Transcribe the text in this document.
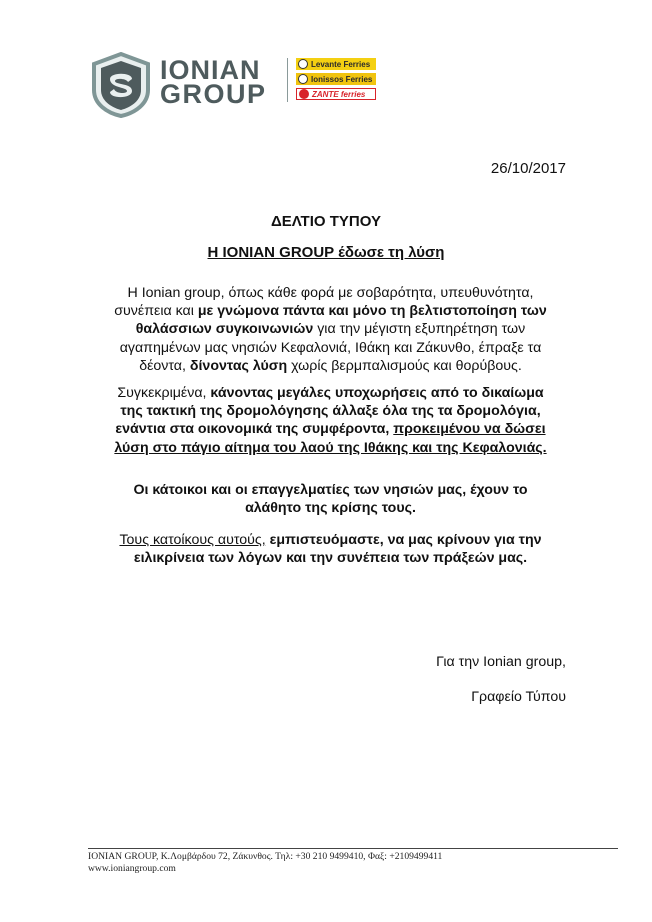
IONIAN
GROUP
Levante Ferries
Ionissos Ferries
ZANTE ferries
26/10/2017
ΔΕΛΤΙΟ ΤΥΠΟΥ
Η IONIAN GROUP έδωσε τη λύση
Η Ionian group, όπως κάθε φορά με σοβαρότητα, υπευθυνότητα,
συνέπεια και με γνώμονα πάντα και μόνο τη βελτιστοποίηση των
θαλάσσιων συγκοινωνιών για την μέγιστη εξυπηρέτηση των
αγαπημένων μας νησιών Κεφαλονιά, Ιθάκη και Ζάκυνθο, έπραξε τα
δέοντα, δίνοντας λύση χωρίς βερμπαλισμούς και θορύβους.
Συγκεκριμένα, κάνοντας μεγάλες υποχωρήσεις από το δικαίωμα
της τακτική της δρομολόγησης άλλαξε όλα της τα δρομολόγια,
ενάντια στα οικονομικά της συμφέροντα, προκειμένου να δώσει
λύση στο πάγιο αίτημα του λαού της Ιθάκης και της Κεφαλονιάς.
Οι κάτοικοι και οι επαγγελματίες των νησιών μας, έχουν το
αλάθητο της κρίσης τους.
Τους κατοίκους αυτούς, εμπιστευόμαστε, να μας κρίνουν για την
ειλικρίνεια των λόγων και την συνέπεια των πράξεών μας.
Για την Ionian group,
Γραφείο Τύπου
IONIAN GROUP, Κ.Λομβάρδου 72, Ζάκυνθος. Τηλ: +30 210 9499410, Φαξ: +2109499411
www.ioniangroup.com
